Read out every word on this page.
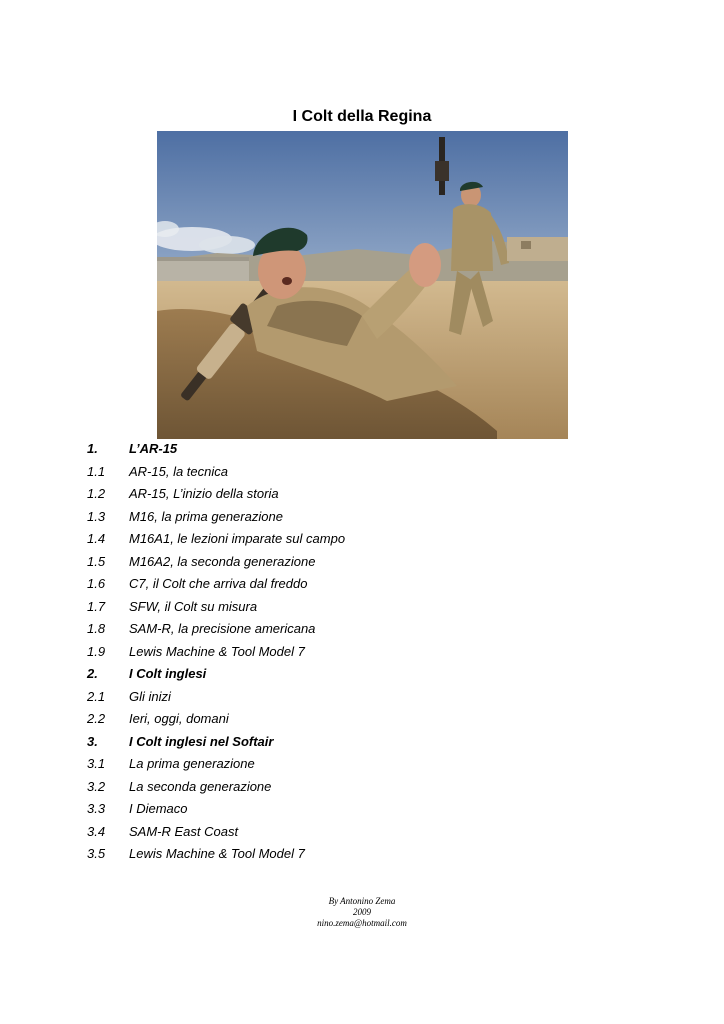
I Colt della Regina
1. L’AR-15
1.1 AR-15, la tecnica
1.2 AR-15, L’inizio della storia
1.3 M16, la prima generazione
1.4 M16A1, le lezioni imparate sul campo
1.5 M16A2, la seconda generazione
1.6 C7, il Colt che arriva dal freddo
1.7 SFW, il Colt su misura
1.8 SAM-R, la precisione americana
1.9 Lewis Machine & Tool Model 7
2. I Colt inglesi
2.1 Gli inizi
2.2 Ieri, oggi, domani
3. I Colt inglesi nel Softair
3.1 La prima generazione
3.2 La seconda generazione
3.3 I Diemaco
3.4 SAM-R East Coast
3.5 Lewis Machine & Tool Model 7
By Antonino Zema
2009
nino.zema@hotmail.com
